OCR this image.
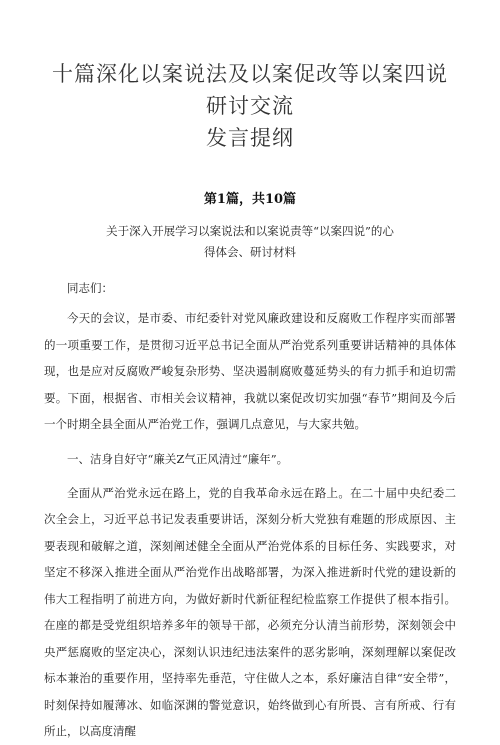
十篇深化以案说法及以案促改等以案四说研讨交流
发言提纲

第1篇，共10篇

关于深入开展学习以案说法和以案说责等“以案四说”的心
得体会、研讨材料

同志们：

今天的会议，是市委、市纪委针对党风廉政建设和反腐败工作程序实而部署的一项重要工作，是贯彻习近平总书记全面从严治党系列重要讲话精神的具体体现，也是应对反腐败严峻复杂形势、坚决遏制腐败蔓延势头的有力抓手和迫切需要。下面，根据省、市相关会议精神，我就以案促改切实加强“春节”期间及今后一个时期全县全面从严治党工作，强调几点意见，与大家共勉。

一、洁身自好守“廉关Z气正风清过“廉年”。

全面从严治党永远在路上，党的自我革命永远在路上。在二十届中央纪委二次全会上，习近平总书记发表重要讲话，深刻分析大党独有难题的形成原因、主要表现和破解之道，深刻阐述健全全面从严治党体系的目标任务、实践要求，对坚定不移深入推进全面从严治党作出战略部署，为深入推进新时代党的建设新的伟大工程指明了前进方向，为做好新时代新征程纪检监察工作提供了根本指引。在座的都是受党组织培养多年的领导干部，必须充分认清当前形势，深刻领会中央严惩腐败的坚定决心，深刻认识违纪违法案件的恶劣影响，深刻理解以案促改标本兼治的重要作用，坚持率先垂范，守住做人之本，系好廉洁自律“安全带”，时刻保持如履薄冰、如临深渊的警觉意识，始终做到心有所畏、言有所戒、行有所止，以高度清醒
